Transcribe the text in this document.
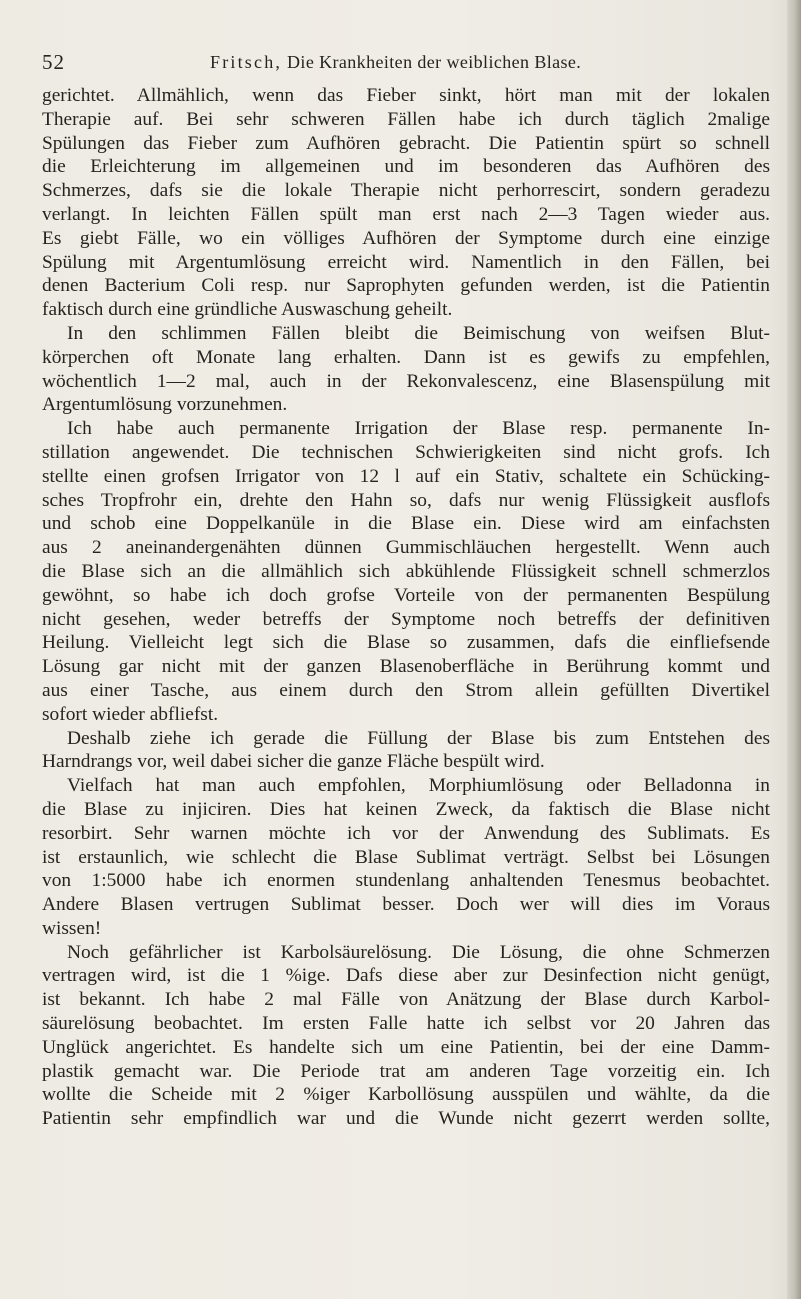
52	Fritsch, Die Krankheiten der weiblichen Blase.
gerichtet. Allmählich, wenn das Fieber sinkt, hört man mit der lokalen
Therapie auf. Bei sehr schweren Fällen habe ich durch täglich 2malige
Spülungen das Fieber zum Aufhören gebracht. Die Patientin spürt so schnell
die Erleichterung im allgemeinen und im besonderen das Aufhören des
Schmerzes, dafs sie die lokale Therapie nicht perhorrescirt, sondern geradezu
verlangt. In leichten Fällen spült man erst nach 2—3 Tagen wieder aus.
Es giebt Fälle, wo ein völliges Aufhören der Symptome durch eine einzige
Spülung mit Argentumlösung erreicht wird. Namentlich in den Fällen, bei
denen Bacterium Coli resp. nur Saprophyten gefunden werden, ist die Patientin
faktisch durch eine gründliche Auswaschung geheilt.
In den schlimmen Fällen bleibt die Beimischung von weifsen Blut-
körperchen oft Monate lang erhalten. Dann ist es gewifs zu empfehlen,
wöchentlich 1—2 mal, auch in der Rekonvalescenz, eine Blasenspülung mit
Argentumlösung vorzunehmen.
Ich habe auch permanente Irrigation der Blase resp. permanente In-
stillation angewendet. Die technischen Schwierigkeiten sind nicht grofs. Ich
stellte einen grofsen Irrigator von 12 l auf ein Stativ, schaltete ein Schücking-
sches Tropfrohr ein, drehte den Hahn so, dafs nur wenig Flüssigkeit ausflofs
und schob eine Doppelkanüle in die Blase ein. Diese wird am einfachsten
aus 2 aneinandergenähten dünnen Gummischläuchen hergestellt. Wenn auch
die Blase sich an die allmählich sich abkühlende Flüssigkeit schnell schmerzlos
gewöhnt, so habe ich doch grofse Vorteile von der permanenten Bespülung
nicht gesehen, weder betreffs der Symptome noch betreffs der definitiven
Heilung. Vielleicht legt sich die Blase so zusammen, dafs die einfliefsende
Lösung gar nicht mit der ganzen Blasenoberfläche in Berührung kommt und
aus einer Tasche, aus einem durch den Strom allein gefüllten Divertikel
sofort wieder abfliefst.
Deshalb ziehe ich gerade die Füllung der Blase bis zum Entstehen des
Harndrangs vor, weil dabei sicher die ganze Fläche bespült wird.
Vielfach hat man auch empfohlen, Morphiumlösung oder Belladonna in
die Blase zu injiciren. Dies hat keinen Zweck, da faktisch die Blase nicht
resorbirt. Sehr warnen möchte ich vor der Anwendung des Sublimats. Es
ist erstaunlich, wie schlecht die Blase Sublimat verträgt. Selbst bei Lösungen
von 1:5000 habe ich enormen stundenlang anhaltenden Tenesmus beobachtet.
Andere Blasen vertrugen Sublimat besser. Doch wer will dies im Voraus
wissen!
Noch gefährlicher ist Karbolsäurelösung. Die Lösung, die ohne Schmerzen
vertragen wird, ist die 1 %ige. Dafs diese aber zur Desinfection nicht genügt,
ist bekannt. Ich habe 2 mal Fälle von Anätzung der Blase durch Karbol-
säurelösung beobachtet. Im ersten Falle hatte ich selbst vor 20 Jahren das
Unglück angerichtet. Es handelte sich um eine Patientin, bei der eine Damm-
plastik gemacht war. Die Periode trat am anderen Tage vorzeitig ein. Ich
wollte die Scheide mit 2 %iger Karbollösung ausspülen und wählte, da die
Patientin sehr empfindlich war und die Wunde nicht gezerrt werden sollte,
